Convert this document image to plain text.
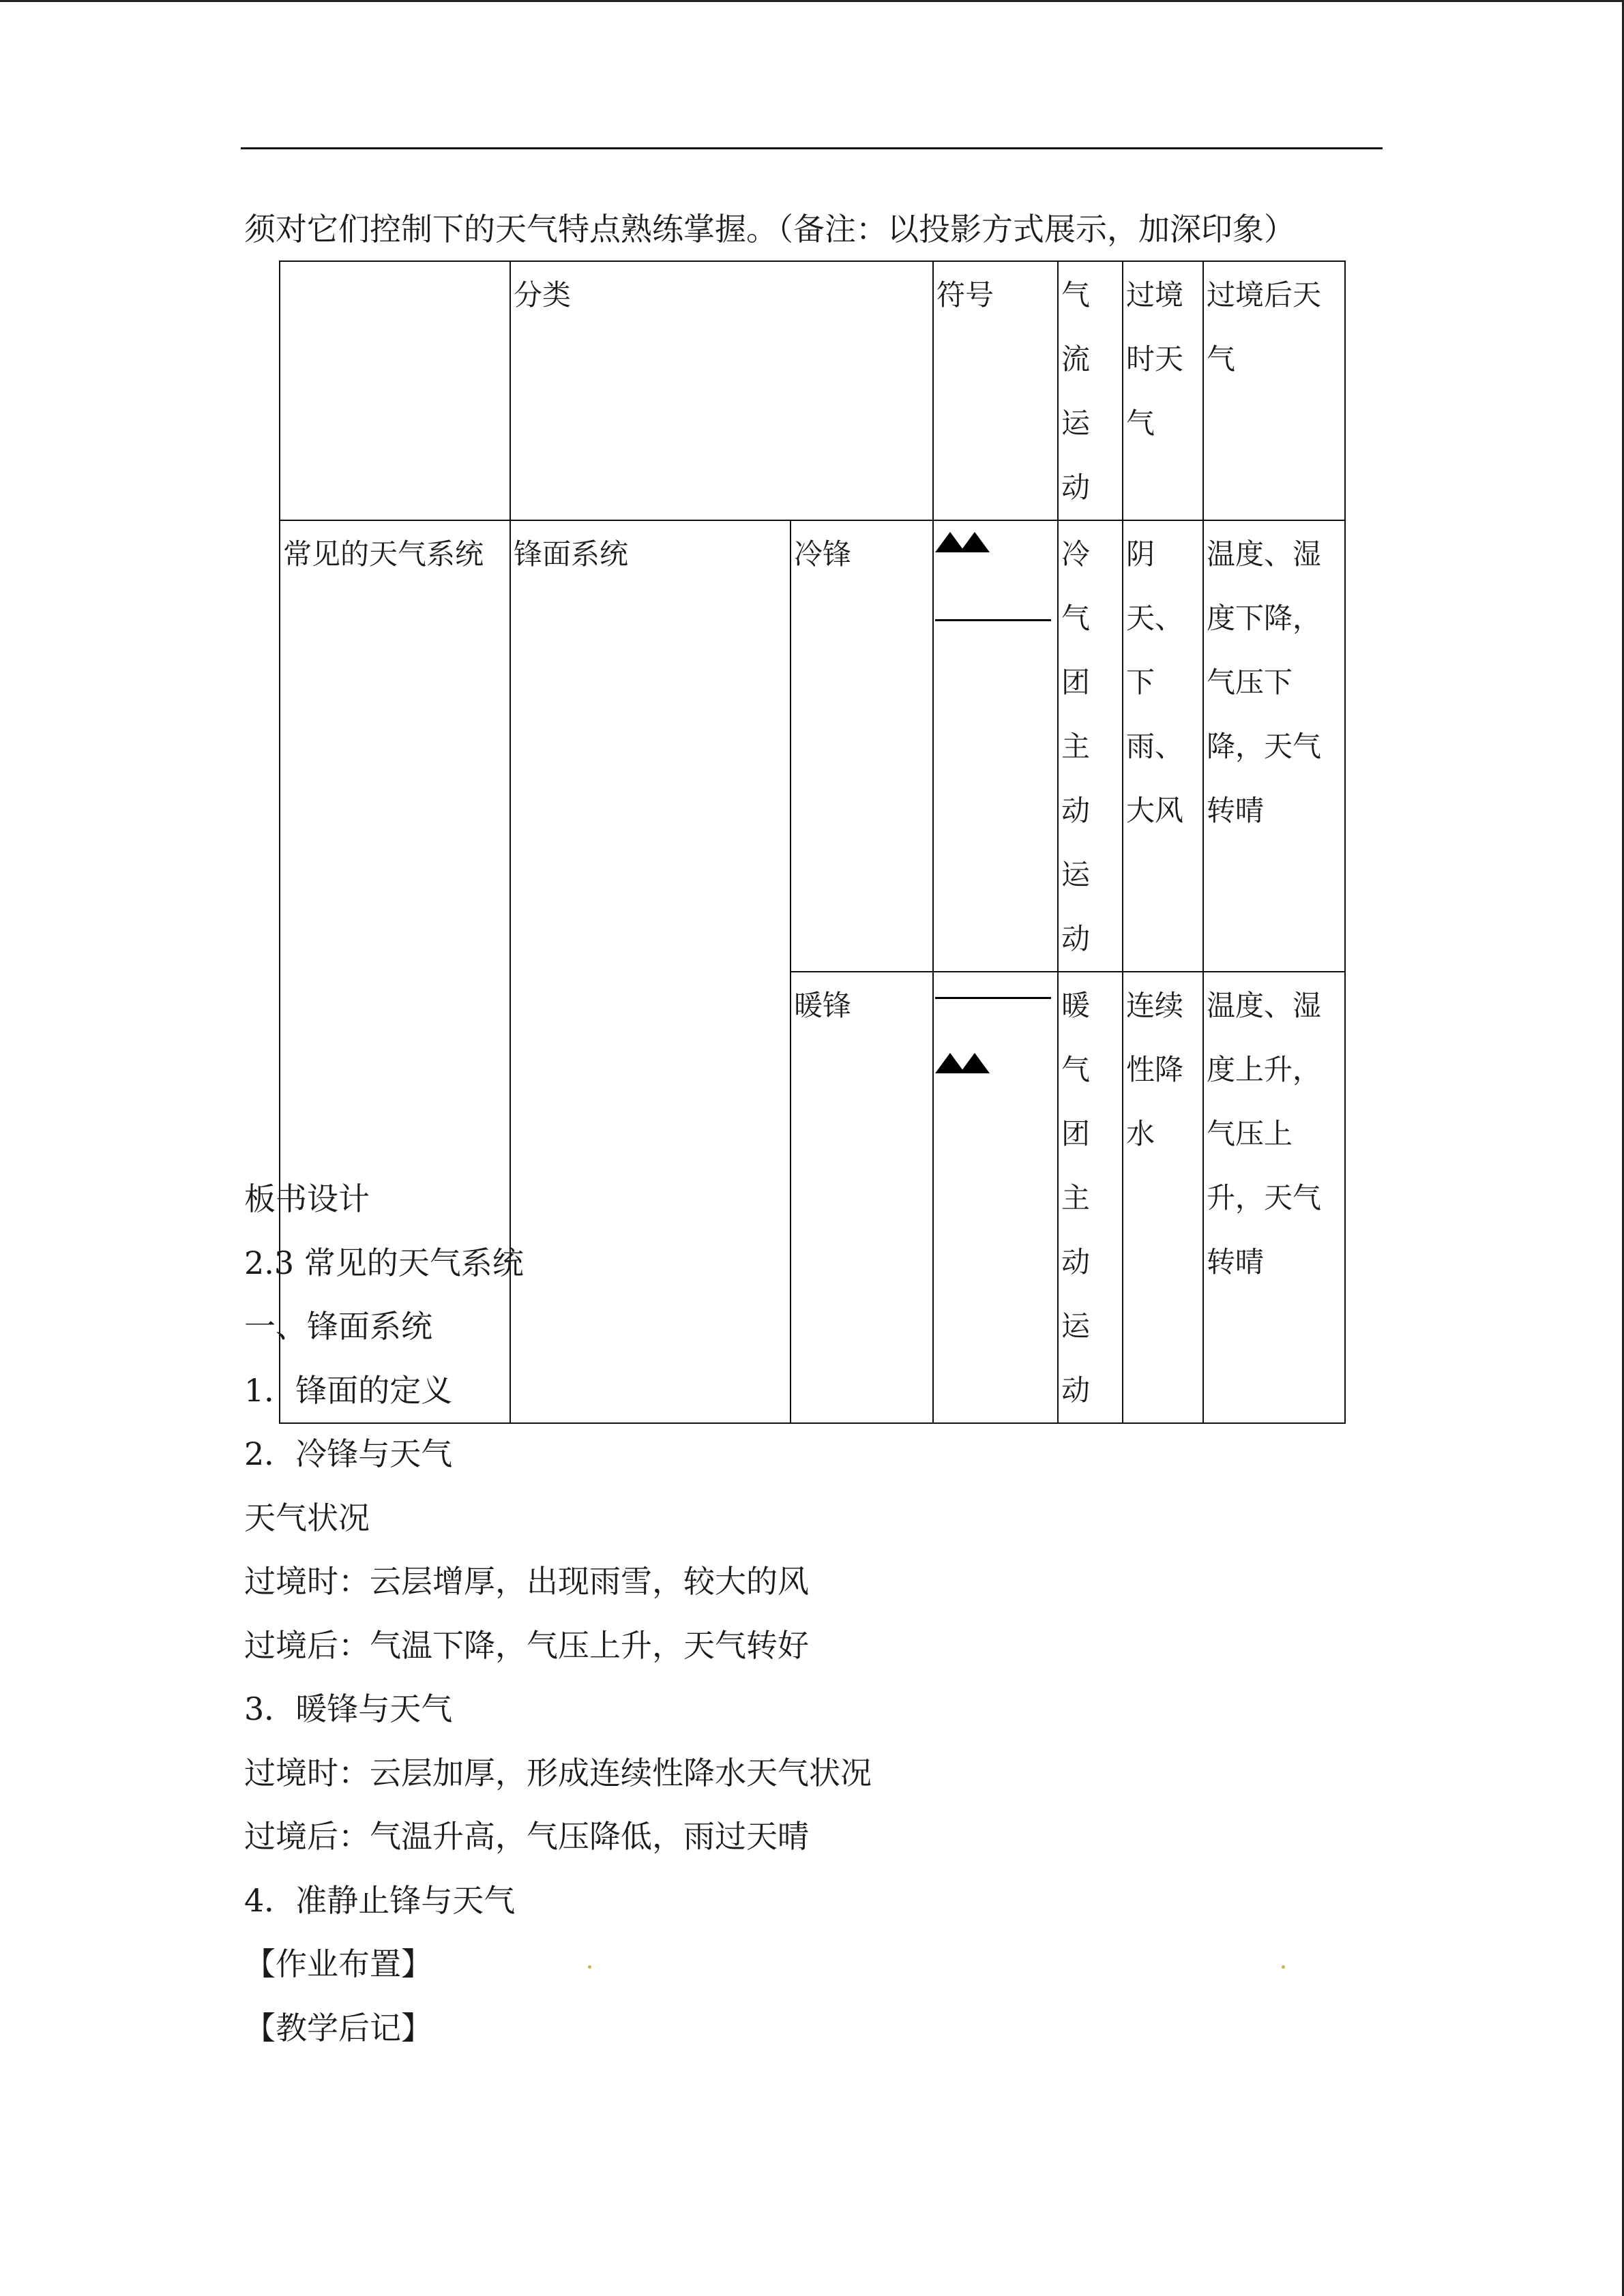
须对它们控制下的天气特点熟练掌握。（备注：以投影方式展示，加深印象）

	分类		符号	气流运动	过境时天气	过境后天气

常见的天气系统	锋面系统	冷锋		冷气团主动运动	阴天、下雨、大风	温度、湿度下降，气压下降，天气转晴

		暖锋		暖气团主动运动	连续性降水	温度、湿度上升，气压上升，天气转晴
板书设计
2.3 常见的天气系统
一、锋面系统
1．锋面的定义
2．冷锋与天气
天气状况
过境时：云层增厚，出现雨雪，较大的风
过境后：气温下降，气压上升，天气转好
3．暖锋与天气
过境时：云层加厚，形成连续性降水天气状况
过境后：气温升高，气压降低，雨过天晴
4．准静止锋与天气
【作业布置】
【教学后记】
